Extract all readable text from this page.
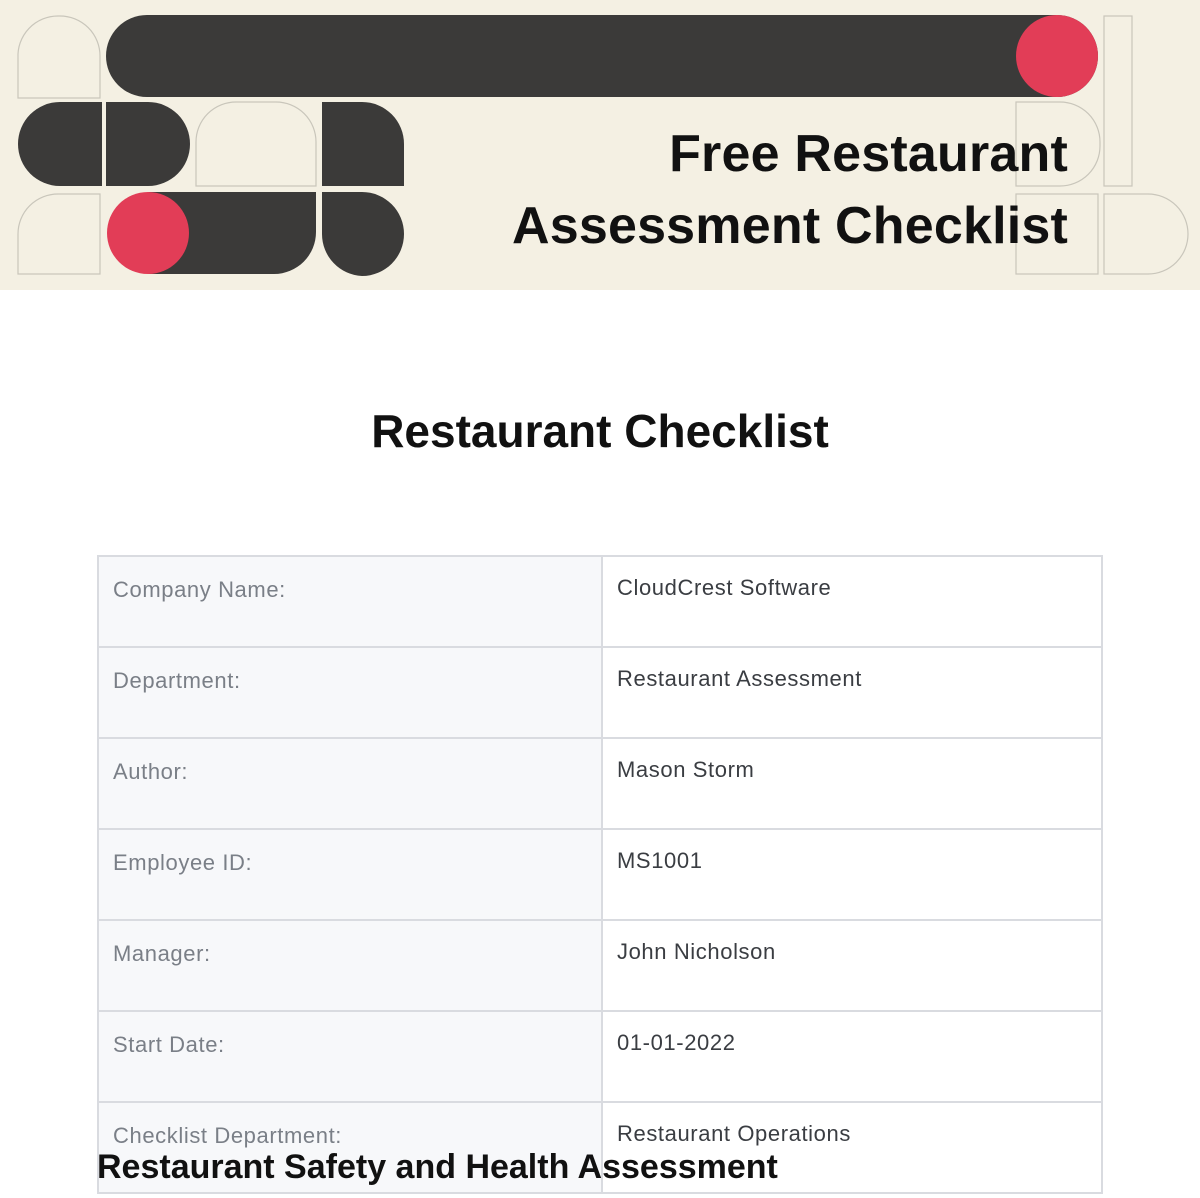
Free Restaurant
Assessment Checklist
Restaurant Checklist
Company Name:	CloudCrest Software
Department:	Restaurant Assessment
Author:	Mason Storm
Employee ID:	MS1001
Manager:	John Nicholson
Start Date:	01-01-2022
Checklist Department:	Restaurant Operations
Restaurant Safety and Health Assessment
